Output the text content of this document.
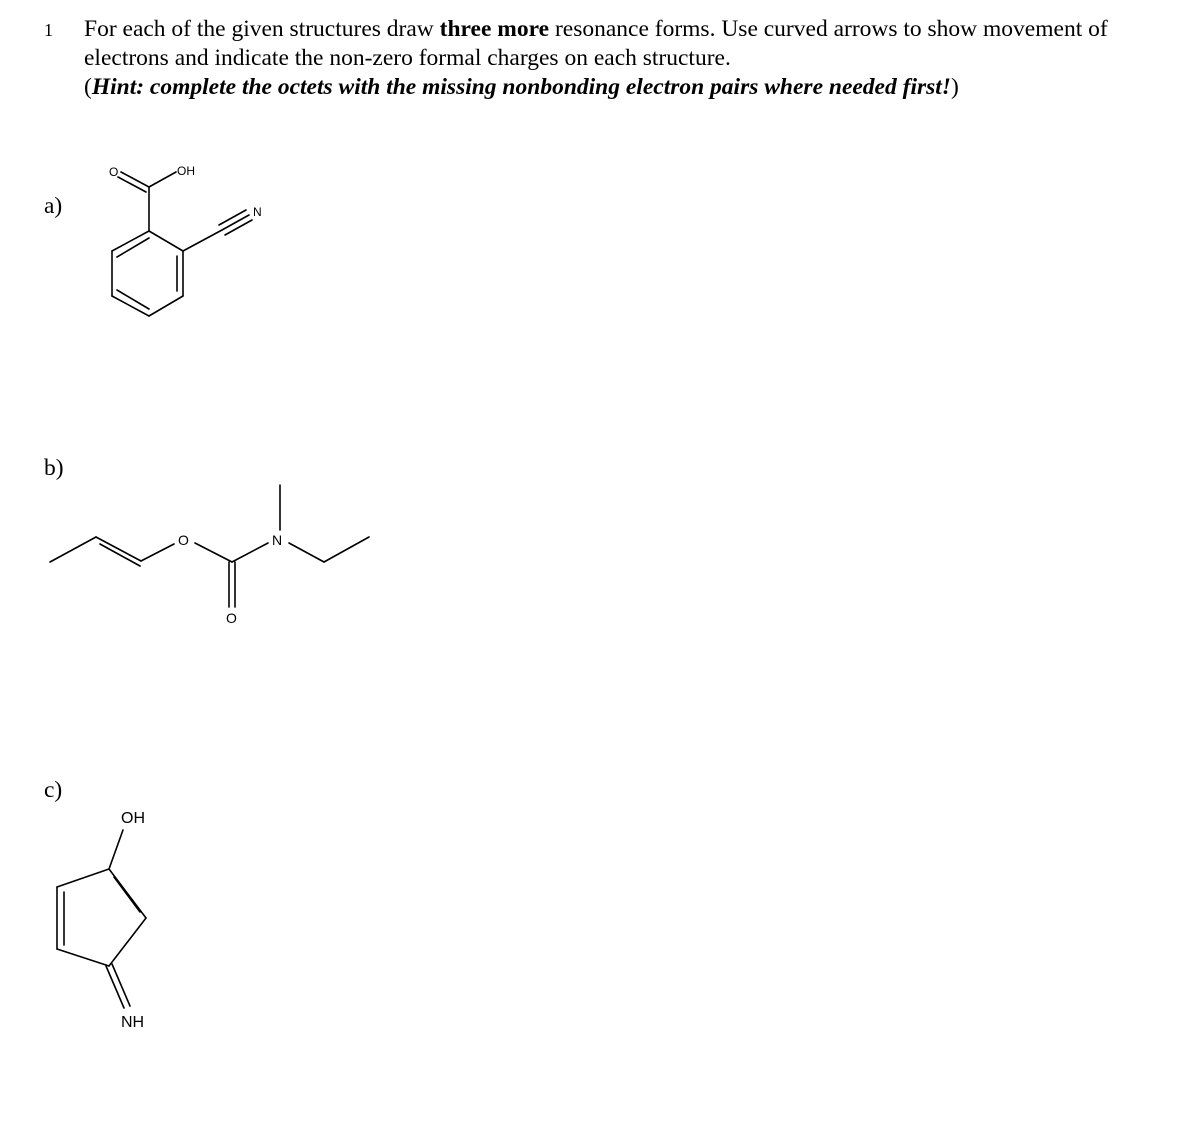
1 For each of the given structures draw three more resonance forms. Use curved arrows to show movement of electrons and indicate the non-zero formal charges on each structure.

(Hint: complete the octets with the missing nonbonding electron pairs where needed first!)

a)
b)
c)
O	OH
N
O	N
O
OH
NH
